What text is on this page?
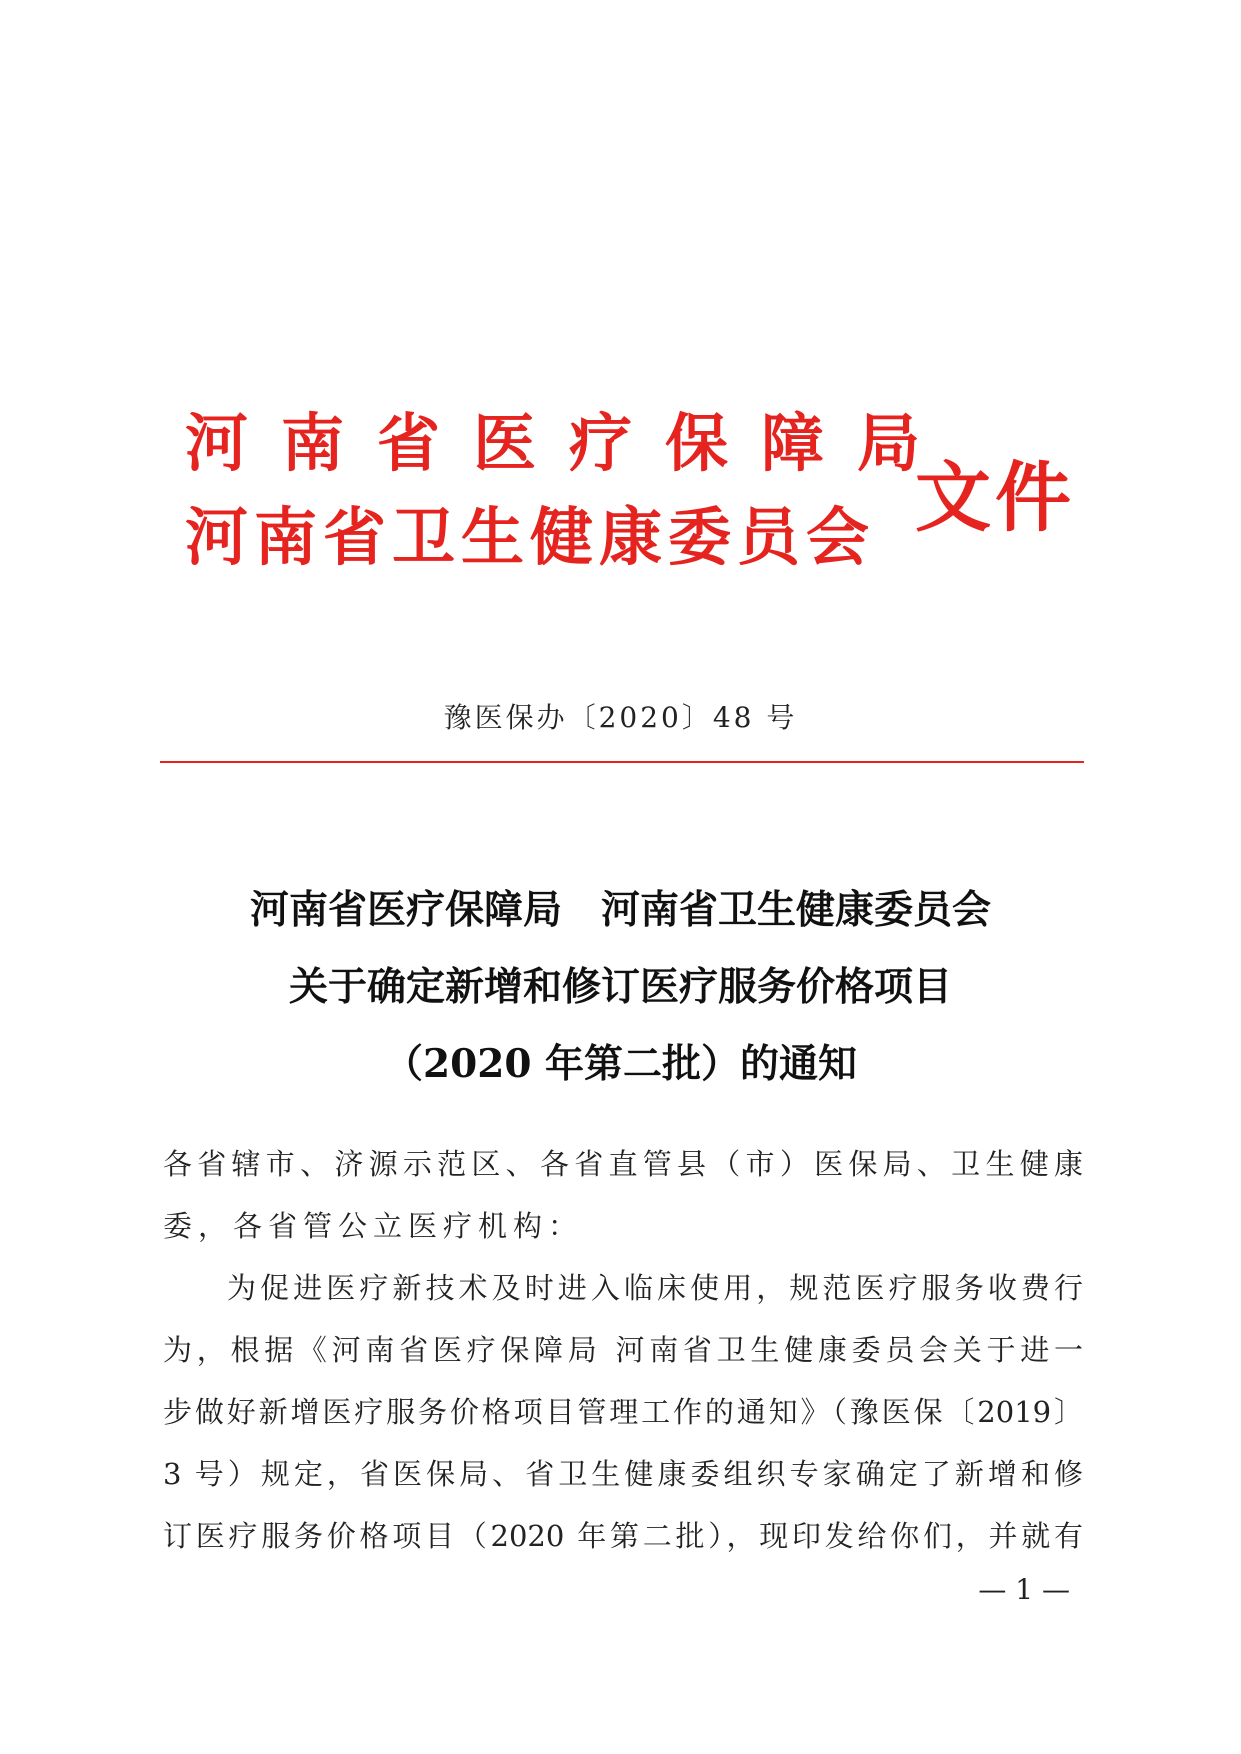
河南省医疗保障局
河南省卫生健康委员会 文件
豫医保办〔2020〕48 号
河南省医疗保障局　河南省卫生健康委员会
关于确定新增和修订医疗服务价格项目
（2020 年第二批）的通知
各省辖市、济源示范区、各省直管县（市）医保局、卫生健康
委，各省管公立医疗机构：
为促进医疗新技术及时进入临床使用，规范医疗服务收费行
为，根据《河南省医疗保障局 河南省卫生健康委员会关于进一
步做好新增医疗服务价格项目管理工作的通知》（豫医保〔2019〕
3 号）规定，省医保局、省卫生健康委组织专家确定了新增和修
订医疗服务价格项目（2020 年第二批），现印发给你们，并就有
— 1 —
